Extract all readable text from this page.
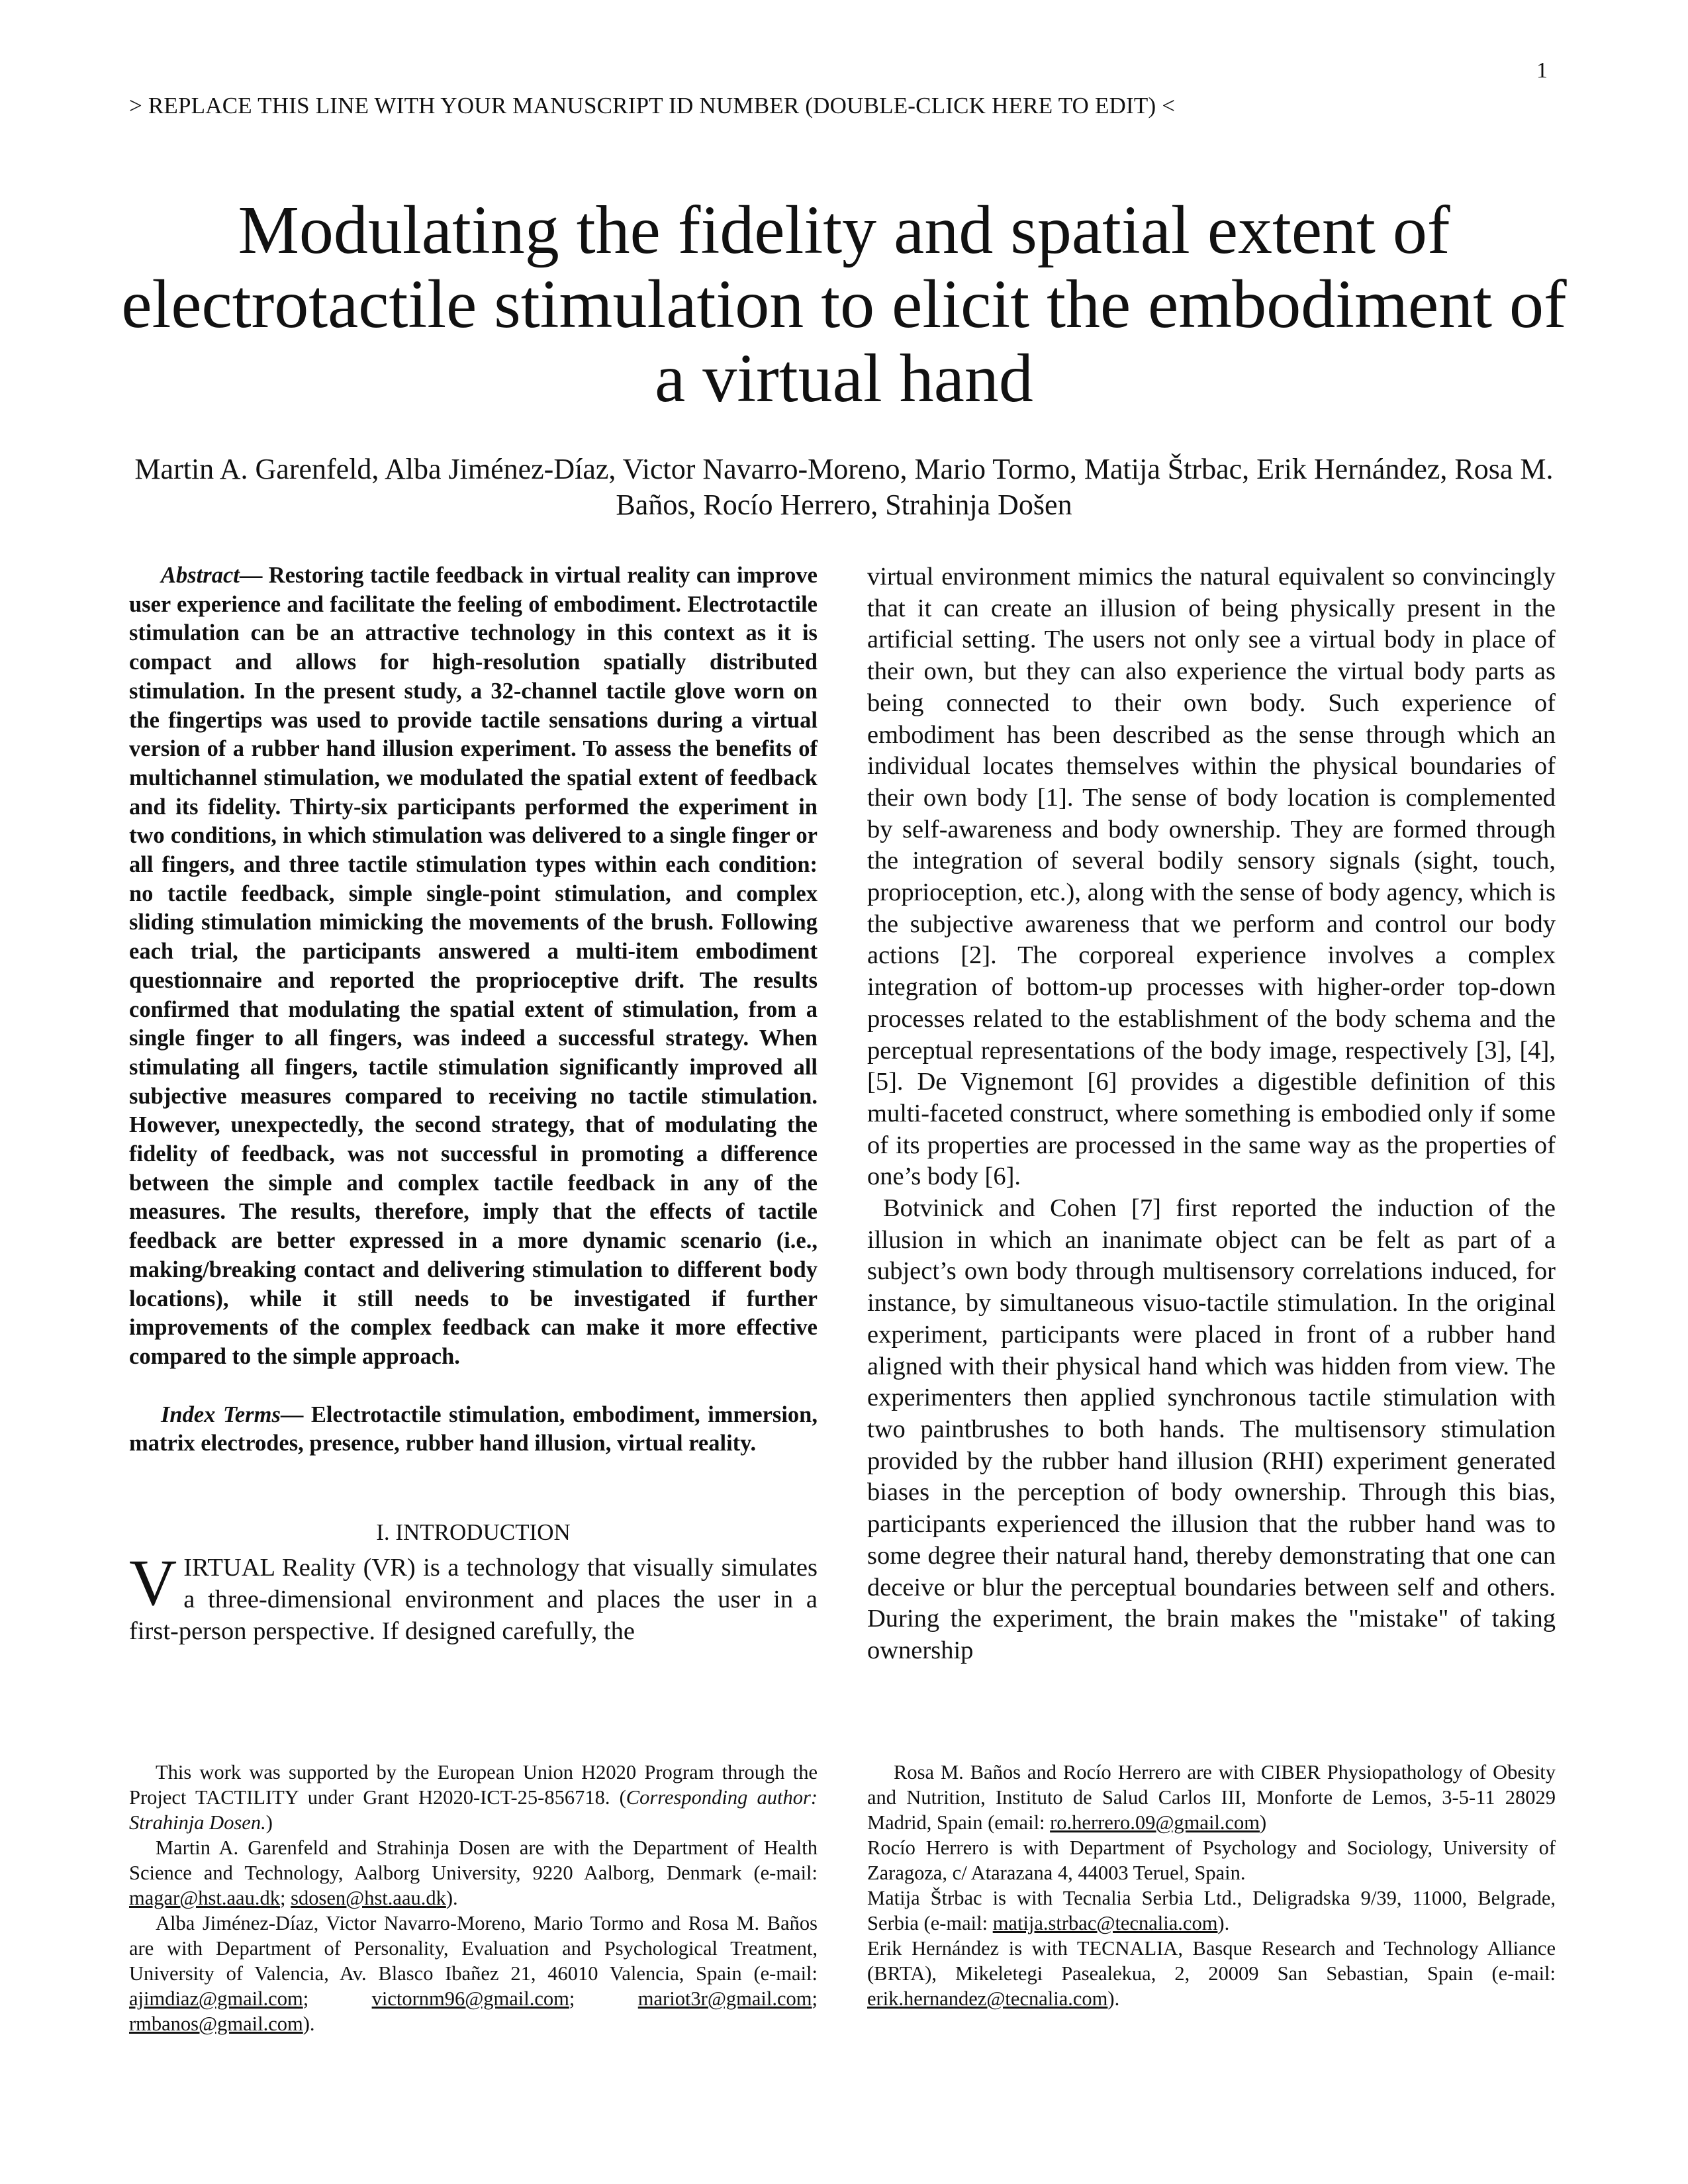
1
> REPLACE THIS LINE WITH YOUR MANUSCRIPT ID NUMBER (DOUBLE-CLICK HERE TO EDIT) <
Modulating the fidelity and spatial extent of electrotactile stimulation to elicit the embodiment of a virtual hand

Martin A. Garenfeld, Alba Jiménez-Díaz, Victor Navarro-Moreno, Mario Tormo, Matija Štrbac, Erik Hernández, Rosa M. Baños, Rocío Herrero, Strahinja Došen

Abstract— Restoring tactile feedback in virtual reality can improve user experience and facilitate the feeling of embodiment. Electrotactile stimulation can be an attractive technology in this context as it is compact and allows for high-resolution spatially distributed stimulation. In the present study, a 32-channel tactile glove worn on the fingertips was used to provide tactile sensations during a virtual version of a rubber hand illusion experiment. To assess the benefits of multichannel stimulation, we modulated the spatial extent of feedback and its fidelity. Thirty-six participants performed the experiment in two conditions, in which stimulation was delivered to a single finger or all fingers, and three tactile stimulation types within each condition: no tactile feedback, simple single-point stimulation, and complex sliding stimulation mimicking the movements of the brush. Following each trial, the participants answered a multi-item embodiment questionnaire and reported the proprioceptive drift. The results confirmed that modulating the spatial extent of stimulation, from a single finger to all fingers, was indeed a successful strategy. When stimulating all fingers, tactile stimulation significantly improved all subjective measures compared to receiving no tactile stimulation. However, unexpectedly, the second strategy, that of modulating the fidelity of feedback, was not successful in promoting a difference between the simple and complex tactile feedback in any of the measures. The results, therefore, imply that the effects of tactile feedback are better expressed in a more dynamic scenario (i.e., making/breaking contact and delivering stimulation to different body locations), while it still needs to be investigated if further improvements of the complex feedback can make it more effective compared to the simple approach.

Index Terms— Electrotactile stimulation, embodiment, immersion, matrix electrodes, presence, rubber hand illusion, virtual reality.

I. INTRODUCTION

VIRTUAL Reality (VR) is a technology that visually simulates a three-dimensional environment and places the user in a first-person perspective. If designed carefully, the

virtual environment mimics the natural equivalent so convincingly that it can create an illusion of being physically present in the artificial setting. The users not only see a virtual body in place of their own, but they can also experience the virtual body parts as being connected to their own body. Such experience of embodiment has been described as the sense through which an individual locates themselves within the physical boundaries of their own body [1]. The sense of body location is complemented by self-awareness and body ownership. They are formed through the integration of several bodily sensory signals (sight, touch, proprioception, etc.), along with the sense of body agency, which is the subjective awareness that we perform and control our body actions [2]. The corporeal experience involves a complex integration of bottom-up processes with higher-order top-down processes related to the establishment of the body schema and the perceptual representations of the body image, respectively [3], [4], [5]. De Vignemont [6] provides a digestible definition of this multi-faceted construct, where something is embodied only if some of its properties are processed in the same way as the properties of one’s body [6].

Botvinick and Cohen [7] first reported the induction of the illusion in which an inanimate object can be felt as part of a subject’s own body through multisensory correlations induced, for instance, by simultaneous visuo-tactile stimulation. In the original experiment, participants were placed in front of a rubber hand aligned with their physical hand which was hidden from view. The experimenters then applied synchronous tactile stimulation with two paintbrushes to both hands. The multisensory stimulation provided by the rubber hand illusion (RHI) experiment generated biases in the perception of body ownership. Through this bias, participants experienced the illusion that the rubber hand was to some degree their natural hand, thereby demonstrating that one can deceive or blur the perceptual boundaries between self and others. During the experiment, the brain makes the "mistake" of taking ownership

This work was supported by the European Union H2020 Program through the Project TACTILITY under Grant H2020-ICT-25-856718. (Corresponding author: Strahinja Dosen.)

Martin A. Garenfeld and Strahinja Dosen are with the Department of Health Science and Technology, Aalborg University, 9220 Aalborg, Denmark (e-mail: magar@hst.aau.dk; sdosen@hst.aau.dk).

Alba Jiménez-Díaz, Victor Navarro-Moreno, Mario Tormo and Rosa M. Baños are with Department of Personality, Evaluation and Psychological Treatment, University of Valencia, Av. Blasco Ibañez 21, 46010 Valencia, Spain (e-mail: ajimdiaz@gmail.com; victornm96@gmail.com; mariot3r@gmail.com; rmbanos@gmail.com).

Rosa M. Baños and Rocío Herrero are with CIBER Physiopathology of Obesity and Nutrition, Instituto de Salud Carlos III, Monforte de Lemos, 3-5-11 28029 Madrid, Spain (email: ro.herrero.09@gmail.com)

Rocío Herrero is with Department of Psychology and Sociology, University of Zaragoza, c/ Atarazana 4, 44003 Teruel, Spain.

Matija Štrbac is with Tecnalia Serbia Ltd., Deligradska 9/39, 11000, Belgrade, Serbia (e-mail: matija.strbac@tecnalia.com).

Erik Hernández is with TECNALIA, Basque Research and Technology Alliance (BRTA), Mikeletegi Pasealekua, 2, 20009 San Sebastian, Spain (e-mail: erik.hernandez@tecnalia.com).
